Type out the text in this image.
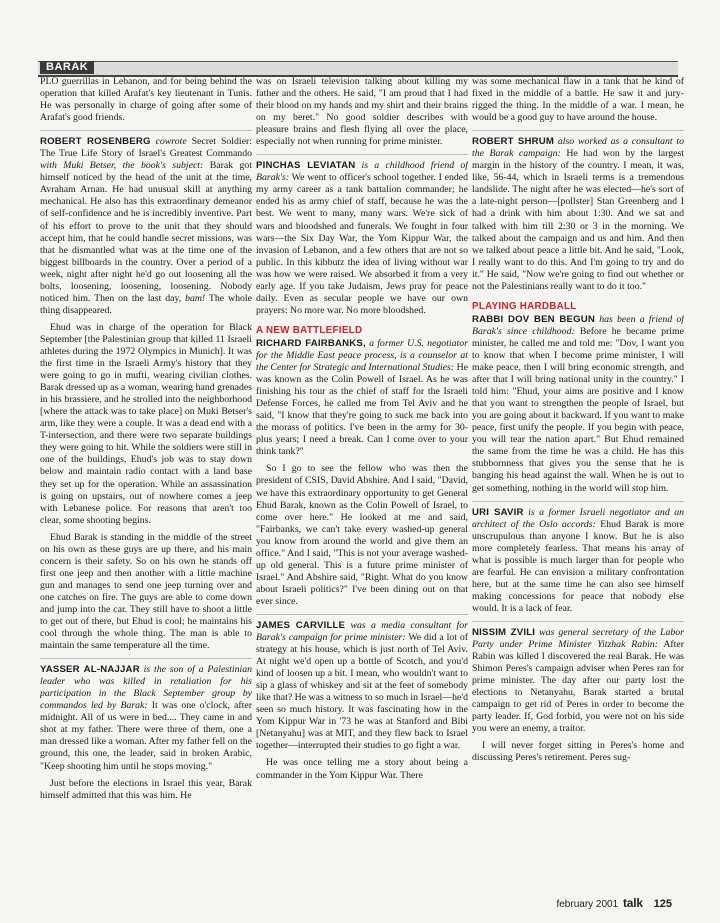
BARAK

PLO guerrillas in Lebanon, and for being behind the operation that killed Arafat's key lieutenant in Tunis. He was personally in charge of going after some of Arafat's good friends.

ROBERT ROSENBERG cowrote Secret Soldier: The True Life Story of Israel's Greatest Commando with Muki Betser, the book's subject: Barak got himself noticed by the head of the unit at the time, Avraham Arnan. He had unusual skill at anything mechanical. He also has this extraordinary demeanor of self-confidence and he is incredibly inventive. Part of his effort to prove to the unit that they should accept him, that he could handle secret missions, was that he dismantled what was at the time one of the biggest billboards in the country. Over a period of a week, night after night he'd go out loosening all the bolts, loosening, loosening, loosening. Nobody noticed him. Then on the last day, bam! The whole thing disappeared.

Ehud was in charge of the operation for Black September [the Palestinian group that killed 11 Israeli athletes during the 1972 Olympics in Munich]. It was the first time in the Israeli Army's history that they were going to go in mufti, wearing civilian clothes. Barak dressed up as a woman, wearing hand grenades in his brassiere, and he strolled into the neighborhood [where the attack was to take place] on Muki Betser's arm, like they were a couple. It was a dead end with a T-intersection, and there were two separate buildings they were going to hit. While the soldiers were still in one of the buildings, Ehud's job was to stay down below and maintain radio contact with a land base they set up for the operation. While an assassination is going on upstairs, out of nowhere comes a jeep with Lebanese police. For reasons that aren't too clear, some shooting begins.

Ehud Barak is standing in the middle of the street on his own as these guys are up there, and his main concern is their safety. So on his own he stands off first one jeep and then another with a little machine gun and manages to send one jeep turning over and one catches on fire. The guys are able to come down and jump into the car. They still have to shoot a little to get out of there, but Ehud is cool; he maintains his cool through the whole thing. The man is able to maintain the same temperature all the time.

YASSER AL-NAJJAR is the son of a Palestinian leader who was killed in retaliation for his participation in the Black September group by commandos led by Barak: It was one o'clock, after midnight. All of us were in bed.... They came in and shot at my father. There were three of them, one a man dressed like a woman. After my father fell on the ground, this one, the leader, said in broken Arabic, "Keep shooting him until he stops moving."

Just before the elections in Israel this year, Barak himself admitted that this was him. He

was on Israeli television talking about killing my father and the others. He said, "I am proud that I had their blood on my hands and my shirt and their brains on my beret." No good soldier describes with pleasure brains and flesh flying all over the place, especially not when running for prime minister.

PINCHAS LEVIATAN is a childhood friend of Barak's: We went to officer's school together. I ended my army career as a tank battalion commander; he ended his as army chief of staff, because he was the best. We went to many, many wars. We're sick of wars and bloodshed and funerals. We fought in four wars—the Six Day War, the Yom Kippur War, the invasion of Lebanon, and a few others that are not so public. In this kibbutz the idea of living without war was how we were raised. We absorbed it from a very early age. If you take Judaism, Jews pray for peace daily. Even as secular people we have our own prayers: No more war. No more bloodshed.

A NEW BATTLEFIELD

RICHARD FAIRBANKS, a former U.S. negotiator for the Middle East peace process, is a counselor at the Center for Strategic and International Studies: He was known as the Colin Powell of Israel. As he was finishing his tour as the chief of staff for the Israeli Defense Forces, he called me from Tel Aviv and he said, "I know that they're going to suck me back into the morass of politics. I've been in the army for 30-plus years; I need a break. Can I come over to your think tank?"

So I go to see the fellow who was then the president of CSIS, David Abshire. And I said, "David, we have this extraordinary opportunity to get General Ehud Barak, known as the Colin Powell of Israel, to come over here." He looked at me and said, "Fairbanks, we can't take every washed-up general you know from around the world and give them an office." And I said, "This is not your average washed-up old general. This is a future prime minister of Israel." And Abshire said, "Right. What do you know about Israeli politics?" I've been dining out on that ever since.

JAMES CARVILLE was a media consultant for Barak's campaign for prime minister: We did a lot of strategy at his house, which is just north of Tel Aviv. At night we'd open up a bottle of Scotch, and you'd kind of loosen up a bit. I mean, who wouldn't want to sip a glass of whiskey and sit at the feet of somebody like that? He was a witness to so much in Israel—he'd seen so much history. It was fascinating how in the Yom Kippur War in '73 he was at Stanford and Bibi [Netanyahu] was at MIT, and they flew back to Israel together—interrupted their studies to go fight a war.

He was once telling me a story about being a commander in the Yom Kippur War. There

was some mechanical flaw in a tank that he kind of fixed in the middle of a battle. He saw it and jury-rigged the thing. In the middle of a war. I mean, he would be a good guy to have around the house.

ROBERT SHRUM also worked as a consultant to the Barak campaign: He had won by the largest margin in the history of the country. I mean, it was, like, 56-44, which in Israeli terms is a tremendous landslide. The night after he was elected—he's sort of a late-night person—[pollster] Stan Greenberg and I had a drink with him about 1:30. And we sat and talked with him till 2:30 or 3 in the morning. We talked about the campaign and us and him. And then we talked about peace a little bit. And he said, "Look, I really want to do this. And I'm going to try and do it." He said, "Now we're going to find out whether or not the Palestinians really want to do it too."

PLAYING HARDBALL

RABBI DOV BEN BEGUN has been a friend of Barak's since childhood: Before he became prime minister, he called me and told me: "Dov, I want you to know that when I become prime minister, I will make peace, then I will bring economic strength, and after that I will bring national unity in the country." I told him: "Ehud, your aims are positive and I know that you want to strengthen the people of Israel, but you are going about it backward. If you want to make peace, first unify the people. If you begin with peace, you will tear the nation apart." But Ehud remained the same from the time he was a child. He has this stubbornness that gives you the sense that he is banging his head against the wall. When he is out to get something, nothing in the world will stop him.

URI SAVIR is a former Israeli negotiator and an architect of the Oslo accords: Ehud Barak is more unscrupulous than anyone I know. But he is also more completely fearless. That means his array of what is possible is much larger than for people who are fearful. He can envision a military confrontation here, but at the same time he can also see himself making concessions for peace that nobody else would. It is a lack of fear.

NISSIM ZVILI was general secretary of the Labor Party under Prime Minister Yitzhak Rabin: After Rabin was killed I discovered the real Barak. He was Shimon Peres's campaign adviser when Peres ran for prime minister. The day after our party lost the elections to Netanyahu, Barak started a brutal campaign to get rid of Peres in order to become the party leader. If, God forbid, you were not on his side you were an enemy, a traitor.

I will never forget sitting in Peres's home and discussing Peres's retirement. Peres sug-

february 2001 talk 125
